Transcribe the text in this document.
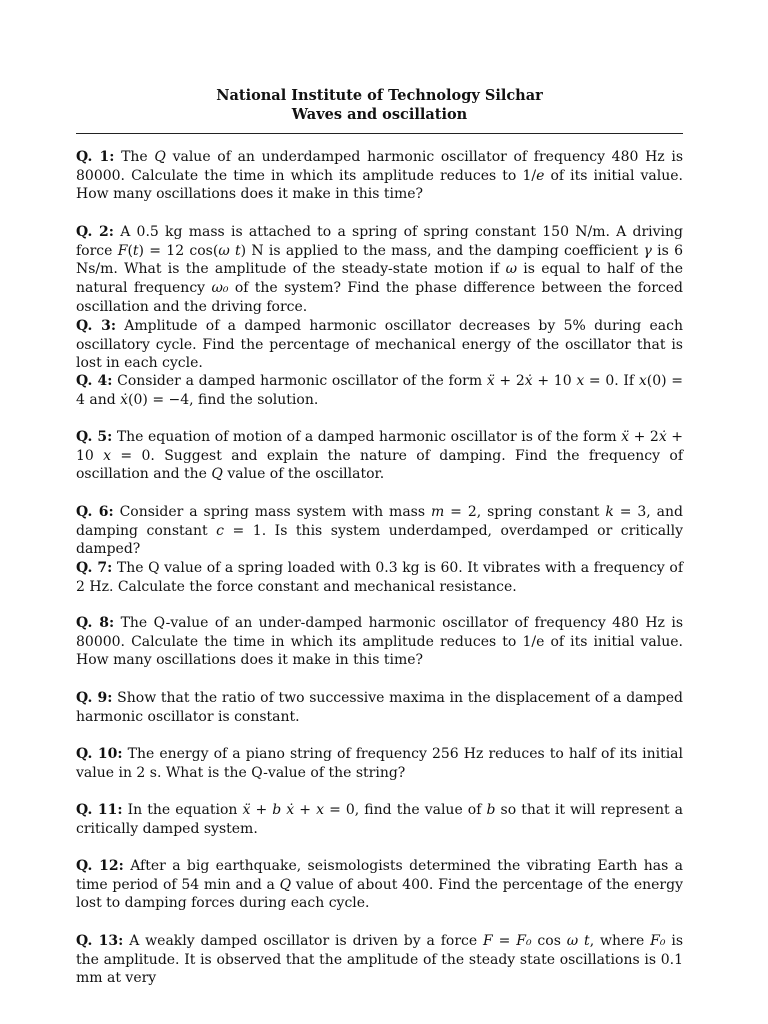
National Institute of Technology Silchar
Waves and oscillation
Q. 1: The Q value of an underdamped harmonic oscillator of frequency 480 Hz is 80000. Calculate the time in which its amplitude reduces to 1/e of its initial value. How many oscillations does it make in this time?
Q. 2: A 0.5 kg mass is attached to a spring of spring constant 150 N/m. A driving force F(t) = 12 cos(ω t) N is applied to the mass, and the damping coefficient γ is 6 Ns/m. What is the amplitude of the steady-state motion if ω is equal to half of the natural frequency ω₀ of the system? Find the phase difference between the forced oscillation and the driving force.
Q. 3: Amplitude of a damped harmonic oscillator decreases by 5% during each oscillatory cycle. Find the percentage of mechanical energy of the oscillator that is lost in each cycle.
Q. 4: Consider a damped harmonic oscillator of the form ẍ + 2ẋ + 10 x = 0. If x(0) = 4 and ẋ(0) = −4, find the solution.
Q. 5: The equation of motion of a damped harmonic oscillator is of the form ẍ + 2ẋ + 10 x = 0. Suggest and explain the nature of damping. Find the frequency of oscillation and the Q value of the oscillator.
Q. 6: Consider a spring mass system with mass m = 2, spring constant k = 3, and damping constant c = 1. Is this system underdamped, overdamped or critically damped?
Q. 7: The Q value of a spring loaded with 0.3 kg is 60. It vibrates with a frequency of 2 Hz. Calculate the force constant and mechanical resistance.
Q. 8: The Q-value of an under-damped harmonic oscillator of frequency 480 Hz is 80000. Calculate the time in which its amplitude reduces to 1/e of its initial value. How many oscillations does it make in this time?
Q. 9: Show that the ratio of two successive maxima in the displacement of a damped harmonic oscillator is constant.
Q. 10: The energy of a piano string of frequency 256 Hz reduces to half of its initial value in 2 s. What is the Q-value of the string?
Q. 11: In the equation ẍ + b ẋ + x = 0, find the value of b so that it will represent a critically damped system.
Q. 12: After a big earthquake, seismologists determined the vibrating Earth has a time period of 54 min and a Q value of about 400. Find the percentage of the energy lost to damping forces during each cycle.
Q. 13: A weakly damped oscillator is driven by a force F = F₀ cos ω t, where F₀ is the amplitude. It is observed that the amplitude of the steady state oscillations is 0.1 mm at very
